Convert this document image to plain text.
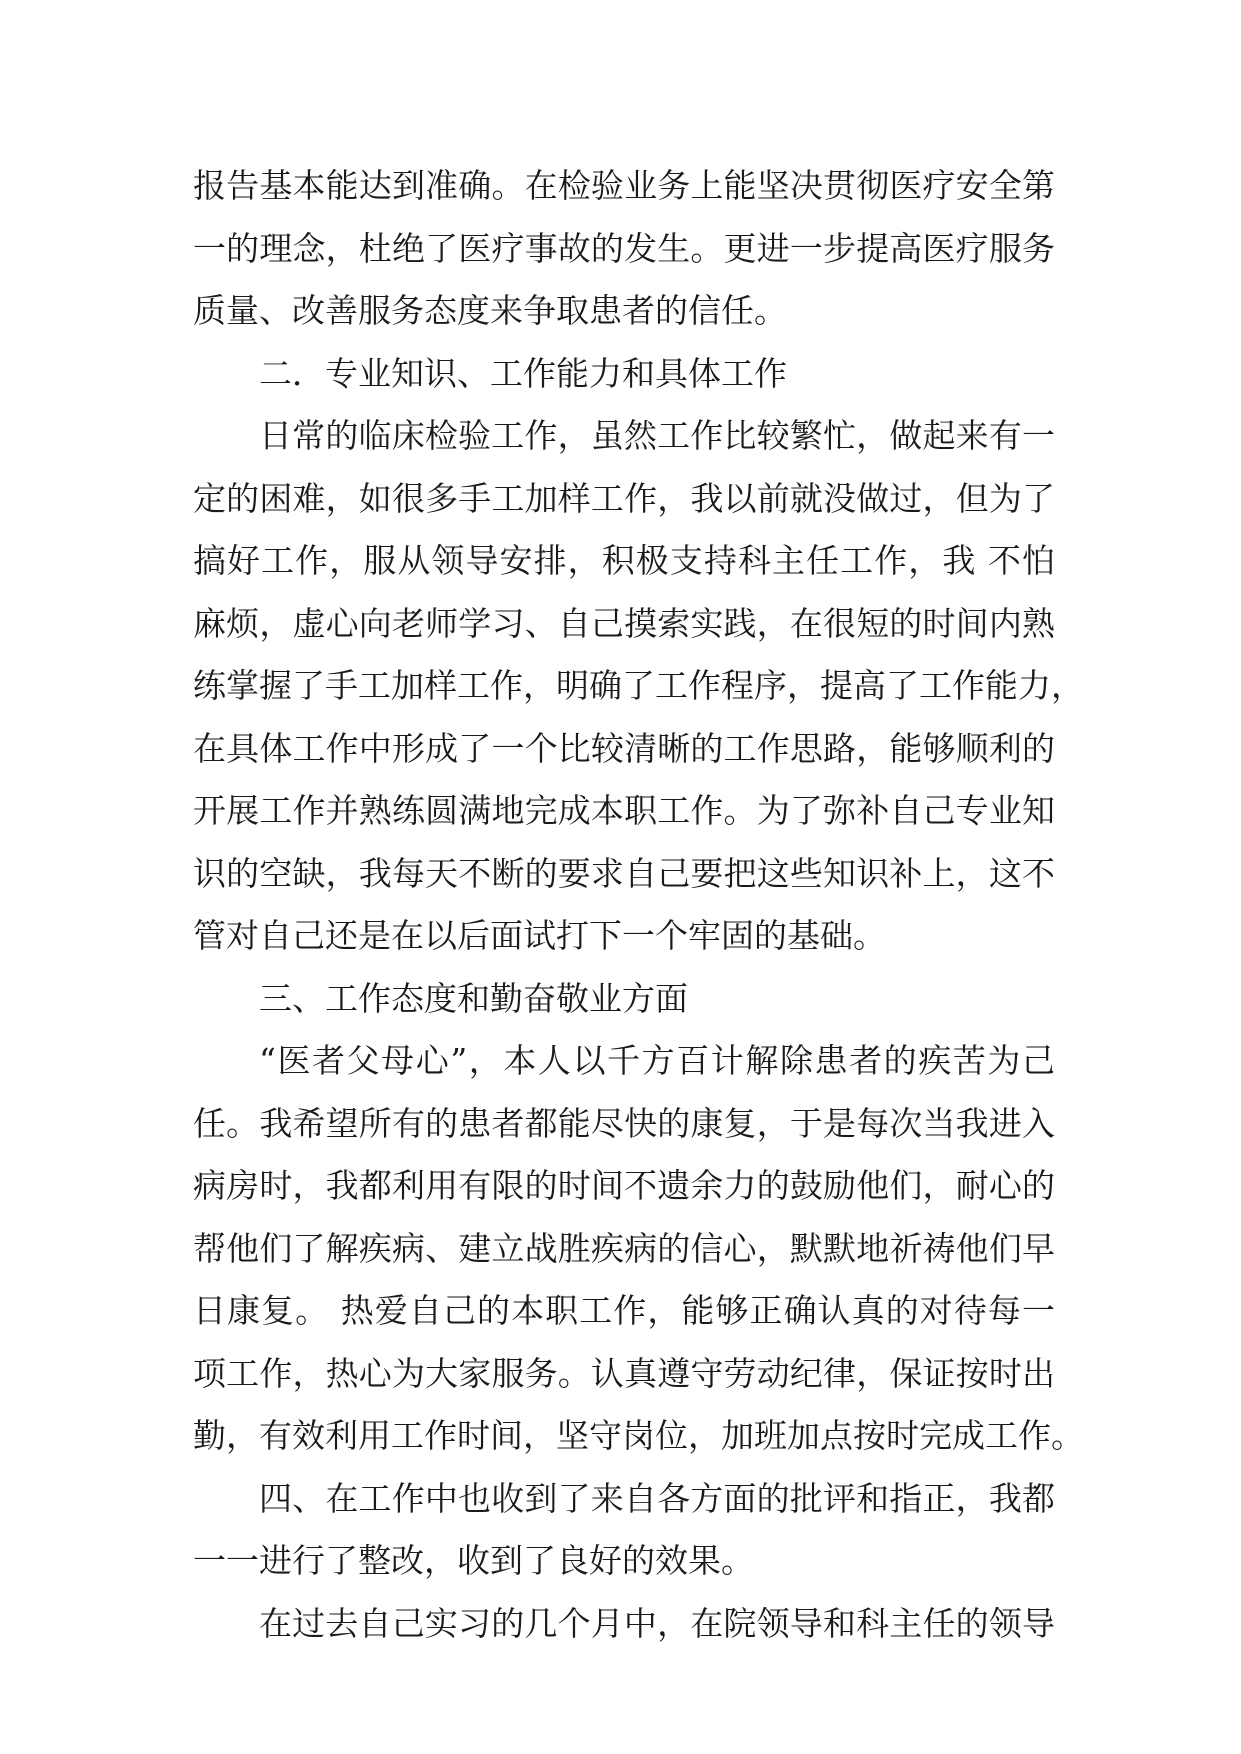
报告基本能达到准确。在检验业务上能坚决贯彻医疗安全第
一的理念，杜绝了医疗事故的发生。更进一步提高医疗服务
质量、改善服务态度来争取患者的信任。
二．专业知识、工作能力和具体工作
日常的临床检验工作，虽然工作比较繁忙，做起来有一
定的困难，如很多手工加样工作，我以前就没做过，但为了
搞好工作，服从领导安排，积极支持科主任工作，我 不怕
麻烦，虚心向老师学习、自己摸索实践，在很短的时间内熟
练掌握了手工加样工作，明确了工作程序，提高了工作能力，
在具体工作中形成了一个比较清晰的工作思路，能够顺利的
开展工作并熟练圆满地完成本职工作。为了弥补自己专业知
识的空缺，我每天不断的要求自己要把这些知识补上，这不
管对自己还是在以后面试打下一个牢固的基础。
三、工作态度和勤奋敬业方面
“医者父母心”，本人以千方百计解除患者的疾苦为己
任。我希望所有的患者都能尽快的康复，于是每次当我进入
病房时，我都利用有限的时间不遗余力的鼓励他们，耐心的
帮他们了解疾病、建立战胜疾病的信心，默默地祈祷他们早
日康复。 热爱自己的本职工作，能够正确认真的对待每一
项工作，热心为大家服务。认真遵守劳动纪律，保证按时出
勤，有效利用工作时间，坚守岗位，加班加点按时完成工作。
四、在工作中也收到了来自各方面的批评和指正，我都
一一进行了整改，收到了良好的效果。
在过去自己实习的几个月中，在院领导和科主任的领导
